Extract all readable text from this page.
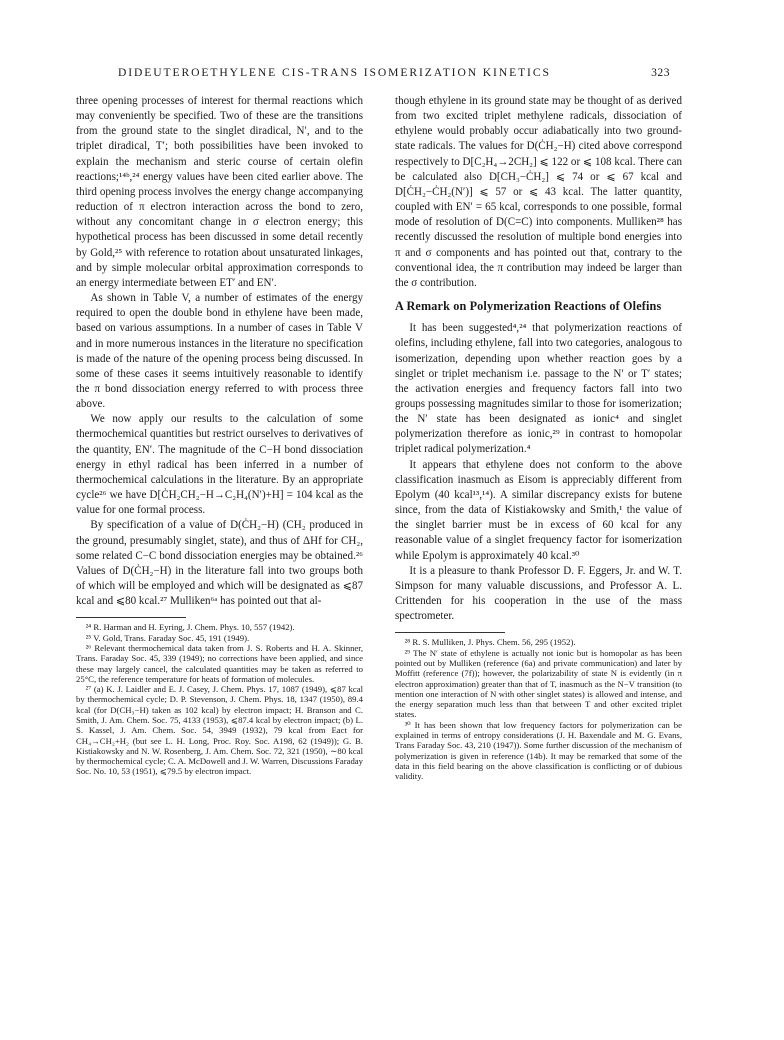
DIDEUTEROETHYLENE CIS-TRANS ISOMERIZATION KINETICS	323

three opening processes of interest for thermal reactions which may conveniently be specified. Two of these are the transitions from the ground state to the singlet diradical, N′, and to the triplet diradical, T′; both possibilities have been invoked to explain the mechanism and steric course of certain olefin reactions;¹⁴ᵇ,²⁴ energy values have been cited earlier above. The third opening process involves the energy change accompanying reduction of π electron interaction across the bond to zero, without any concomitant change in σ electron energy; this hypothetical process has been discussed in some detail recently by Gold,²⁵ with reference to rotation about unsaturated linkages, and by simple molecular orbital approximation corresponds to an energy intermediate between ET′ and EN′.

As shown in Table V, a number of estimates of the energy required to open the double bond in ethylene have been made, based on various assumptions. In a number of cases in Table V and in more numerous instances in the literature no specification is made of the nature of the opening process being discussed. In some of these cases it seems intuitively reasonable to identify the π bond dissociation energy referred to with process three above.

We now apply our results to the calculation of some thermochemical quantities but restrict ourselves to derivatives of the quantity, EN′. The magnitude of the C−H bond dissociation energy in ethyl radical has been inferred in a number of thermochemical calculations in the literature. By an appropriate cycle²⁶ we have D[ĊH₂CH₂−H→C₂H₄(N′)+H] = 104 kcal as the value for one formal process.

By specification of a value of D(ĊH₂−H) (CH₂ produced in the ground, presumably singlet, state), and thus of ΔHf for CH₂, some related C−C bond dissociation energies may be obtained.²⁶ Values of D(ĊH₂−H) in the literature fall into two groups both of which will be employed and which will be designated as ⩽87 kcal and ⩽80 kcal.²⁷ Mulliken⁶ᵃ has pointed out that al-

²⁴ R. Harman and H. Eyring, J. Chem. Phys. 10, 557 (1942).

²⁵ V. Gold, Trans. Faraday Soc. 45, 191 (1949).

²⁶ Relevant thermochemical data taken from J. S. Roberts and H. A. Skinner, Trans. Faraday Soc. 45, 339 (1949); no corrections have been applied, and since these may largely cancel, the calculated quantities may be taken as referred to 25°C, the reference temperature for heats of formation of molecules.

²⁷ (a) K. J. Laidler and E. J. Casey, J. Chem. Phys. 17, 1087 (1949), ⩽87 kcal by thermochemical cycle; D. P. Stevenson, J. Chem. Phys. 18, 1347 (1950), 89.4 kcal (for D(CH₃−H) taken as 102 kcal) by electron impact; H. Branson and C. Smith, J. Am. Chem. Soc. 75, 4133 (1953), ⩽87.4 kcal by electron impact; (b) L. S. Kassel, J. Am. Chem. Soc. 54, 3949 (1932), 79 kcal from Eact for CH₄→CH₂+H₂ (but see L. H. Long, Proc. Roy. Soc. A198, 62 (1949)); G. B. Kistiakowsky and N. W. Rosenberg, J. Am. Chem. Soc. 72, 321 (1950), ∼80 kcal by thermochemical cycle; C. A. McDowell and J. W. Warren, Discussions Faraday Soc. No. 10, 53 (1951), ⩽79.5 by electron impact.

though ethylene in its ground state may be thought of as derived from two excited triplet methylene radicals, dissociation of ethylene would probably occur adiabatically into two ground-state radicals. The values for D(ĊH₂−H) cited above correspond respectively to D[C₂H₄→2CH₂] ⩽ 122 or ⩽ 108 kcal. There can be calculated also D[CH₃−ĊH₂] ⩽ 74 or ⩽ 67 kcal and D[ĊH₂−ĊH₂(N′)] ⩽ 57 or ⩽ 43 kcal. The latter quantity, coupled with EN′ = 65 kcal, corresponds to one possible, formal mode of resolution of D(C=C) into components. Mulliken²⁸ has recently discussed the resolution of multiple bond energies into π and σ components and has pointed out that, contrary to the conventional idea, the π contribution may indeed be larger than the σ contribution.

A Remark on Polymerization Reactions of Olefins

It has been suggested⁴,²⁴ that polymerization reactions of olefins, including ethylene, fall into two categories, analogous to isomerization, depending upon whether reaction goes by a singlet or triplet mechanism i.e. passage to the N′ or T′ states; the activation energies and frequency factors fall into two groups possessing magnitudes similar to those for isomerization; the N′ state has been designated as ionic⁴ and singlet polymerization therefore as ionic,²⁹ in contrast to homopolar triplet radical polymerization.⁴

It appears that ethylene does not conform to the above classification inasmuch as Eisom is appreciably different from Epolym (40 kcal¹³,¹⁴). A similar discrepancy exists for butene since, from the data of Kistiakowsky and Smith,¹ the value of the singlet barrier must be in excess of 60 kcal for any reasonable value of a singlet frequency factor for isomerization while Epolym is approximately 40 kcal.³⁰

It is a pleasure to thank Professor D. F. Eggers, Jr. and W. T. Simpson for many valuable discussions, and Professor A. L. Crittenden for his cooperation in the use of the mass spectrometer.

²⁸ R. S. Mulliken, J. Phys. Chem. 56, 295 (1952).

²⁹ The N′ state of ethylene is actually not ionic but is homopolar as has been pointed out by Mulliken (reference (6a) and private communication) and later by Moffitt (reference (7f)); however, the polarizability of state N is evidently (in π electron approximation) greater than that of T, inasmuch as the N−V transition (to mention one interaction of N with other singlet states) is allowed and intense, and the energy separation much less than that between T and other excited triplet states.

³⁰ It has been shown that low frequency factors for polymerization can be explained in terms of entropy considerations (J. H. Baxendale and M. G. Evans, Trans Faraday Soc. 43, 210 (1947)). Some further discussion of the mechanism of polymerization is given in reference (14b). It may be remarked that some of the data in this field bearing on the above classification is conflicting or of dubious validity.
